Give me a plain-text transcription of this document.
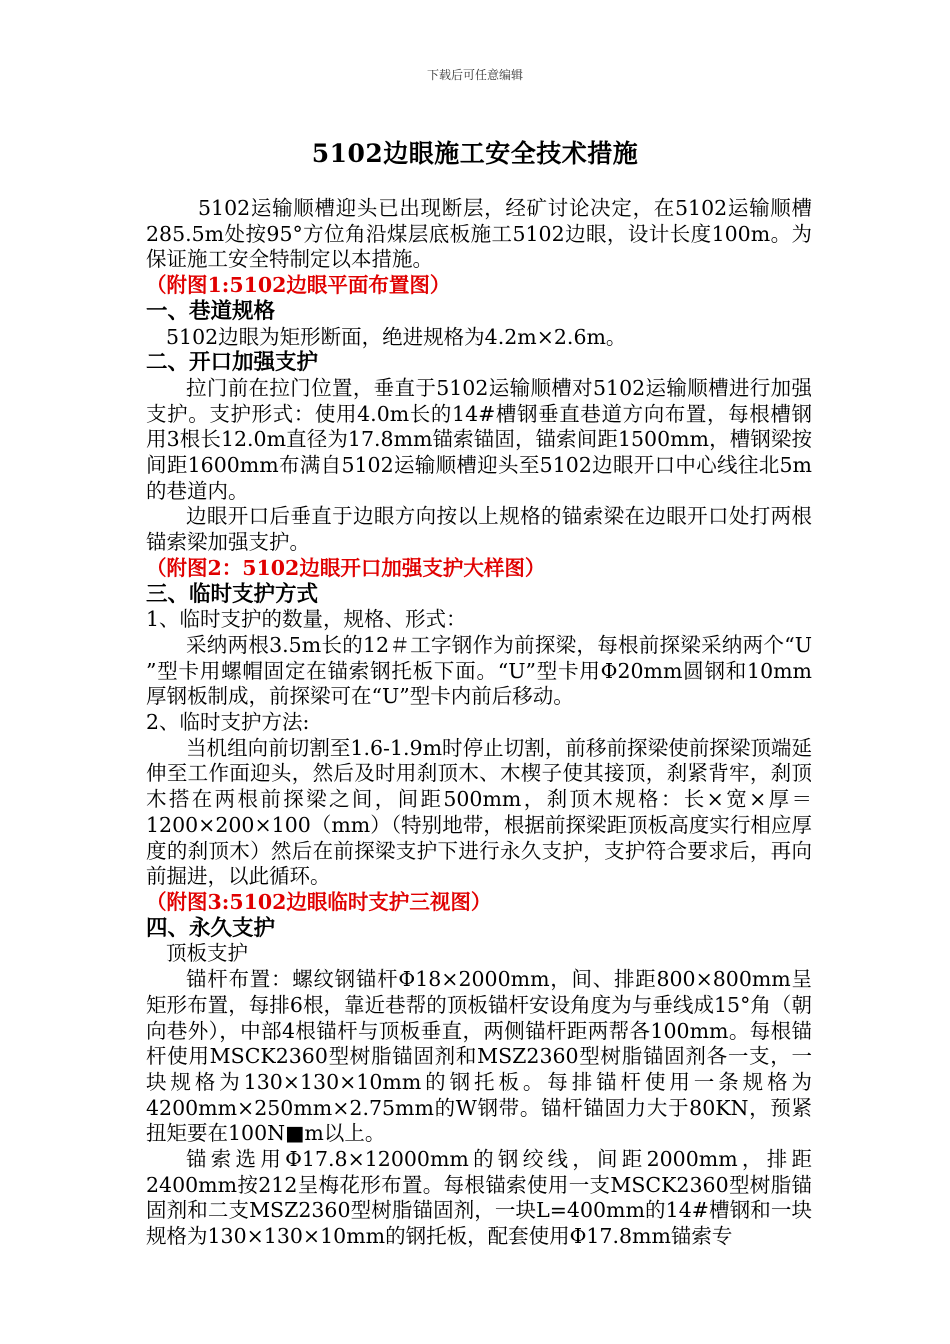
下载后可任意编辑
5102边眼施工安全技术措施

5102运输顺槽迎头已出现断层，经矿讨论决定，在5102运输顺槽285.5m处按95°方位角沿煤层底板施工5102边眼，设计长度100m。为保证施工安全特制定以本措施。

（附图1:5102边眼平面布置图）

一、巷道规格

5102边眼为矩形断面，绝进规格为4.2m×2.6m。

二、开口加强支护

拉门前在拉门位置，垂直于5102运输顺槽对5102运输顺槽进行加强支护。支护形式：使用4.0m长的14#槽钢垂直巷道方向布置，每根槽钢用3根长12.0m直径为17.8mm锚索锚固，锚索间距1500mm，槽钢梁按间距1600mm布满自5102运输顺槽迎头至5102边眼开口中心线往北5m的巷道内。

边眼开口后垂直于边眼方向按以上规格的锚索梁在边眼开口处打两根锚索梁加强支护。

（附图2：5102边眼开口加强支护大样图）

三、临时支护方式

1、临时支护的数量，规格、形式：

采纳两根3.5m长的12＃工字钢作为前探梁，每根前探梁采纳两个“U ”型卡用螺帽固定在锚索钢托板下面。“U”型卡用Φ20mm圆钢和10mm厚钢板制成，前探梁可在“U”型卡内前后移动。

2、临时支护方法:

当机组向前切割至1.6-1.9m时停止切割，前移前探梁使前探梁顶端延伸至工作面迎头，然后及时用刹顶木、木楔子使其接顶，刹紧背牢，刹顶木搭在两根前探梁之间，间距500mm，刹顶木规格：长×宽×厚＝1200×200×100（mm）（特别地带，根据前探梁距顶板高度实行相应厚度的刹顶木）然后在前探梁支护下进行永久支护，支护符合要求后，再向前掘进，以此循环。

（附图3:5102边眼临时支护三视图）

四、永久支护

顶板支护

锚杆布置：螺纹钢锚杆Φ18×2000mm，间、排距800×800mm呈矩形布置，每排6根，靠近巷帮的顶板锚杆安设角度为与垂线成15°角（朝向巷外），中部4根锚杆与顶板垂直，两侧锚杆距两帮各100mm。每根锚杆使用MSCK2360型树脂锚固剂和MSZ2360型树脂锚固剂各一支，一块规格为130×130×10mm的钢托板。每排锚杆使用一条规格为4200mm×250mm×2.75mm的W钢带。锚杆锚固力大于80KN，预紧扭矩要在100N■m以上。

锚索选用Φ17.8×12000mm的钢绞线，间距2000mm，排距2400mm按212呈梅花形布置。每根锚索使用一支MSCK2360型树脂锚固剂和二支MSZ2360型树脂锚固剂，一块L=400mm的14#槽钢和一块规格为130×130×10mm的钢托板，配套使用Φ17.8mm锚索专
